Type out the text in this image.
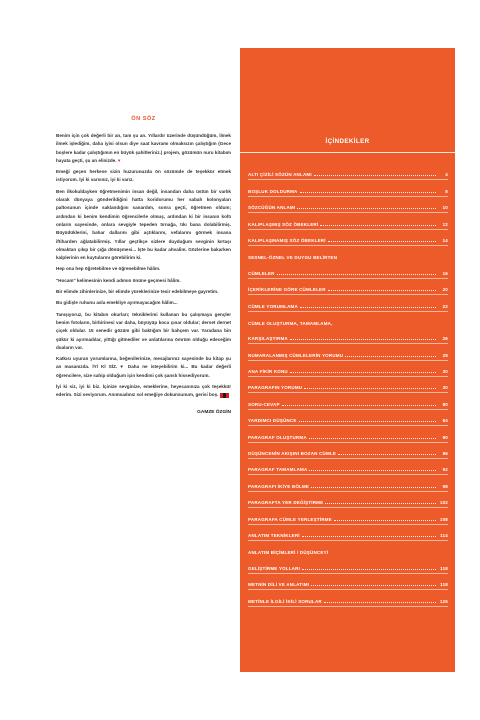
ÖN SÖZ

Benim için çok değerli bir an, tam şu an. Yıllardır üzerinde düşündüğüm, ilmek ilmek işlediğim, daha iyisi olsun diye saat kavramı olmaksızın çalıştığım (Gece boşlere kadar çalıştığımın en büyük şahitleriniz.) projem, gözümün nuru kitabım hayata geçti, şu an elinizde. ♥

Emeği geçen herkese sizin huzurunuzda ön sözümde de teşekkür etmek istiyorum. İyi ki varsınız, iyi ki varız.

Ben ilkokuldayken öğretmenimin insan değil, insandan daha üstün bir varlık olarak dünyaya gönderildiğini hatta koridorumu her sabah kolonyaları paltosunun içinde saklandığını sanardım, sonra geçti, öğretmen oldum; ardından ki benim kendimin öğrencilerle olmuş, ardından ki bir insanın koltı onların sayesinde, onlara sevgiyle tepeden tırnağa, tıkı bana dolabilirmiş. Büyüdüklerini, bahar dallarını gibi açtıklarını, vefalarını görmek insana iftiharden ağlatabilirmiş. Yıllar geçtikçe sizlere duyduğum sevginin kırtaşı olmaktan çıkıp bir çığa dönüşmesi... İşte bu kadar ahvalim. Gözlerine bakarken kalplerinin en kuytularını görebilirim ki.

Hep ona hep öğretebilme ve öğrenebilme hâlim.

"Hocam" kelimesinin kendi adımın önüne geçmesi hâlim.

Bir elimde zihinlerinize, bir elimde yüreklerinize tesir edebilmeye gayretim.

Bu gidişle ruhunu asla emekliye ayırmayacağım hâlim...

Tanışıyoruz, bu kitabın okurları; tekniklerimi kullanan bu çalışmaya gençler benim fotoların, birbirinesi var daha, büyüyüp koca çınar oldular; derset dernet çiçek oldular. 15 senedir gözüm gibi baktığım bir bahçem var. Yaradana bin şükür ki ayırmadılar, yittığı gitmediler ve anlatılarına ömrüm olduğu edeceğim duaların var.

Katkısı uyuran yorumlarına, beğenilerinize, mesajlarınız sayesinde bu kitap şu an masanızda. İYİ Kİ SİZ. ♥ Daha ne isteyebilirim ki... Bu kadar değerli öğrencilere, size sahip olduğum için kendimi çok şanslı hissediyorum.

İyi ki siz, iyi ki biz. İçinize sevginize, emeklerine, heyecanınıza çok teşekkür ederim. Sizi seviyorum. Anımsadınız sol emeğiye dokunsunum, gerisi boş.

GAMZE ÖZGİN
İÇİNDEKİLER
ALTI ÇİZİLİ SÖZÜN ANLAMI	4
BOŞLUK DOLDURMA	8
SÖZCÜĞÜN ANLAMI	10
KALIPLAŞMIŞ SÖZ ÖBEKLERİ	12
KALIPLAŞMAMIŞ SÖZ ÖBEKLERİ	14
SESNEL-ÖZNEL VE DUYGU BELİRTEN
CÜMLELER	16
İÇERİKLERİNE GÖRE CÜMLELER	20
CÜMLE YORUMLAMA	22
CÜMLE OLUŞTURMA, TAMAMLAMA,
KARŞILAŞTIRMA	26
NUMARALANMIŞ CÜMLELERİN YORUMU	28
ANA FİKİR KONU	30
PARAGRAFIN YORUMU	30
SORU-CEVAP	80
YARDIMCI DÜŞÜNCE	84
PARAGRAF OLUŞTURMA	90
DÜŞÜNCENİN AKIŞINI BOZAN CÜMLE	86
PARAGRAF TAMAMLAMA	92
PARAGRAFI İKİYE BÖLME	98
PARAGRAFTA YER DEĞİŞTİRME	102
PARAGRAFA CÜMLE YERLEŞTİRME	108
ANLATIM TEKNİKLERİ	114
ANLATIM BİÇİMLERİ / DÜŞÜNCEYİ
GELİŞTİRME YOLLARI	118
METNİN DİLİ VE ANLATIMI	118
METİNLE İLGİLİ İKİLİ SORULAR	126
